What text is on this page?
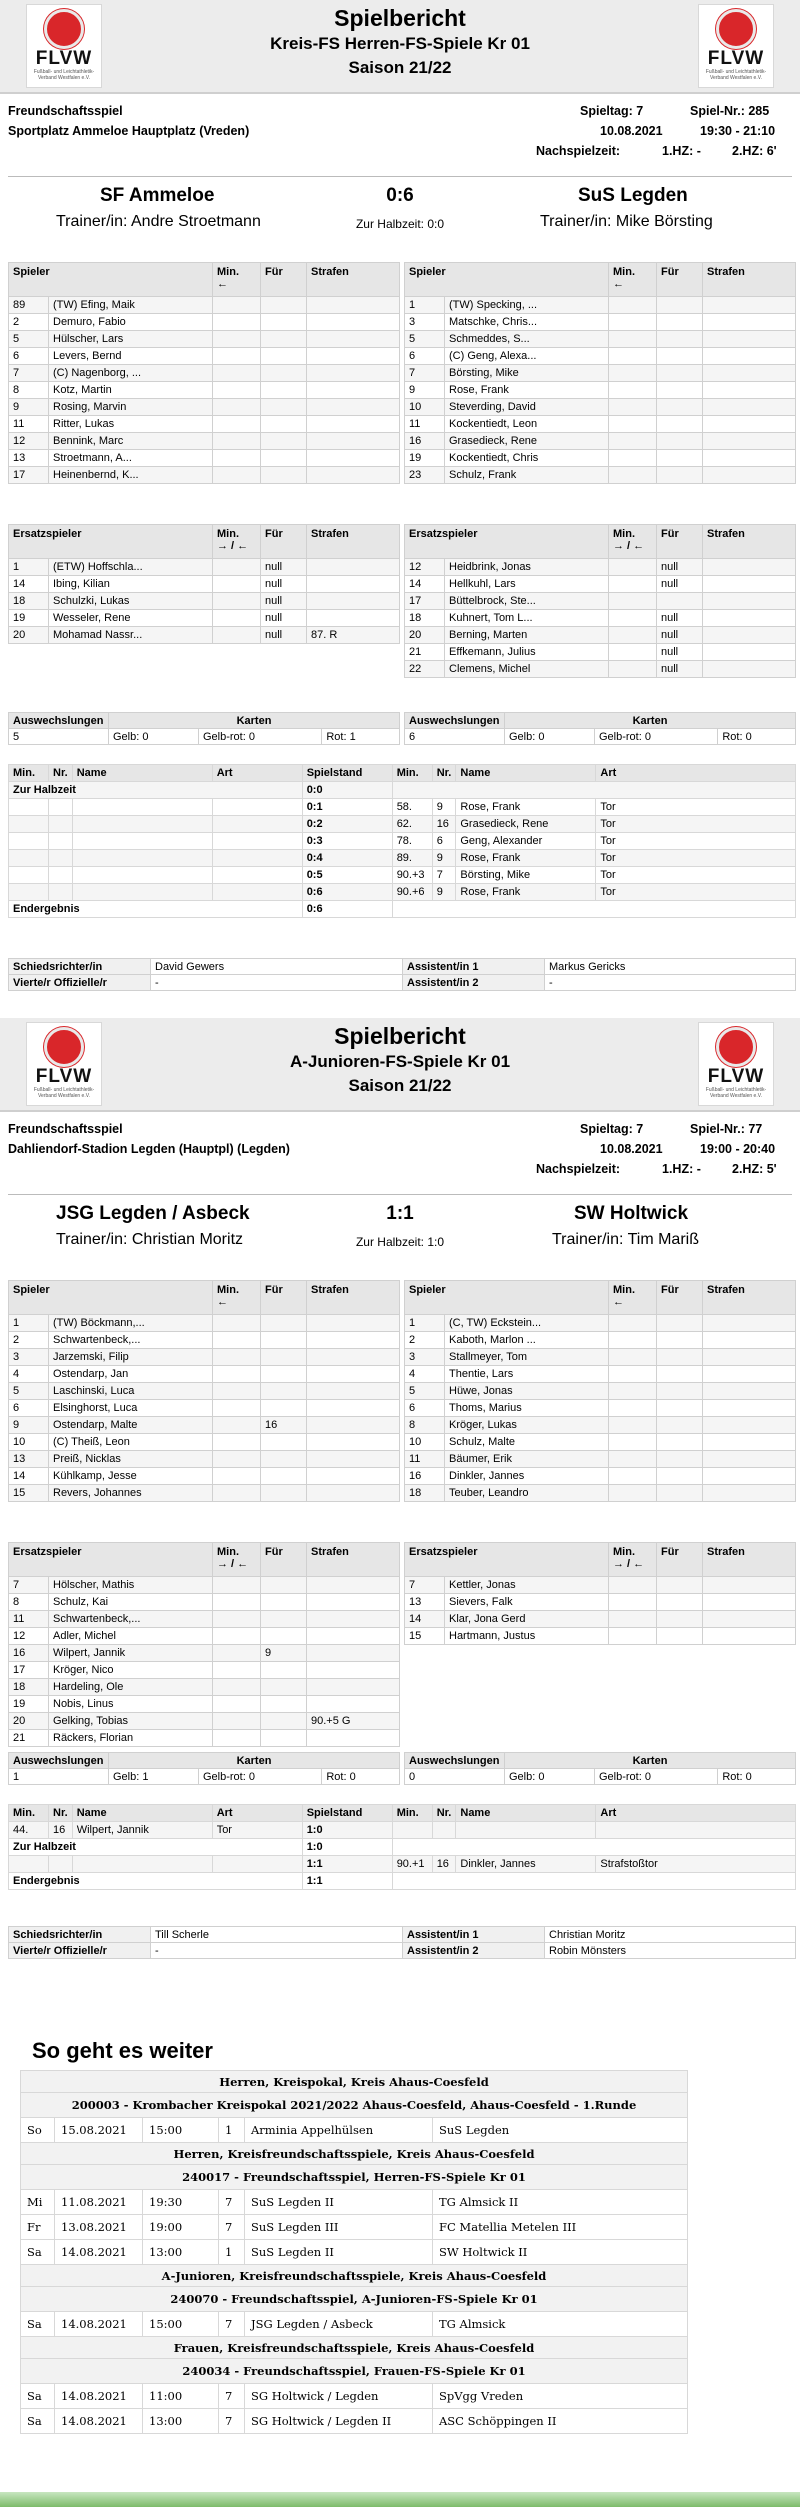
FLVW
Fußball- und Leichtathletik-Verband Westfalen e.V.
Spielbericht
Kreis-FS Herren-FS-Spiele Kr 01
Saison 21/22	FLVW
Fußball- und Leichtathletik-Verband Westfalen e.V.
Freundschaftsspiel
Sportplatz Ammeloe Hauptplatz (Vreden)
Spieltag: 7	Spiel-Nr.: 285
10.08.2021	19:30 - 21:10
Nachspielzeit:	1.HZ: - 2.HZ: 6'
SF Ammeloe	0:6	SuS Legden
Trainer/in: Andre Stroetmann	Zur Halbzeit: 0:0	Trainer/in: Mike Börsting
Spieler		Min.
←	Für	Strafen
89	(TW) Efing, Maik			
2	Demuro, Fabio			
5	Hülscher, Lars			
6	Levers, Bernd			
7	(C) Nagenborg, ...			
8	Kotz, Martin			
9	Rosing, Marvin			
11	Ritter, Lukas			
12	Bennink, Marc			
13	Stroetmann, A...			
17	Heinenbernd, K...			
Spieler		Min.
←	Für	Strafen
1	(TW) Specking, ...			
3	Matschke, Chris...			
5	Schmeddes, S...			
6	(C) Geng, Alexa...			
7	Börsting, Mike			
9	Rose, Frank			
10	Steverding, David			
11	Kockentiedt, Leon			
16	Grasedieck, Rene			
19	Kockentiedt, Chris			
23	Schulz, Frank			
Ersatzspieler		Min.
→ / ←	Für	Strafen
1	(ETW) Hoffschla...		null	
14	Ibing, Kilian		null	
18	Schulzki, Lukas		null	
19	Wesseler, Rene		null	
20	Mohamad Nassr...		null	87. R
Ersatzspieler		Min.
→ / ←	Für	Strafen
12	Heidbrink, Jonas		null	
14	Hellkuhl, Lars		null	
17	Büttelbrock, Ste...			
18	Kuhnert, Tom L...		null	
20	Berning, Marten		null	
21	Effkemann, Julius		null	
22	Clemens, Michel		null	
Auswechslungen	Karten		
5	Gelb: 0	Gelb-rot: 0	Rot: 1
Auswechslungen	Karten		
6	Gelb: 0	Gelb-rot: 0	Rot: 0
Min.	Nr.	Name	Art	Spielstand	Min.	Nr.	Name	Art
Zur Halbzeit				0:0				
				0:1	58.	9	Rose, Frank	Tor
				0:2	62.	16	Grasedieck, Rene	Tor
				0:3	78.	6	Geng, Alexander	Tor
				0:4	89.	9	Rose, Frank	Tor
				0:5	90.+3	7	Börsting, Mike	Tor
				0:6	90.+6	9	Rose, Frank	Tor
Endergebnis				0:6				
Schiedsrichter/in	David Gewers	Assistent/in 1	Markus Gericks
Vierte/r Offizielle/r	-	Assistent/in 2	-
FLVW
Fußball- und Leichtathletik-Verband Westfalen e.V.
Spielbericht
A-Junioren-FS-Spiele Kr 01
Saison 21/22	FLVW
Fußball- und Leichtathletik-Verband Westfalen e.V.
Freundschaftsspiel
Dahliendorf-Stadion Legden (Hauptpl) (Legden)
Spieltag: 7	Spiel-Nr.: 77
10.08.2021	19:00 - 20:40
Nachspielzeit:	1.HZ: - 2.HZ: 5'
JSG Legden / Asbeck	1:1	SW Holtwick
Trainer/in: Christian Moritz	Zur Halbzeit: 1:0	Trainer/in: Tim Mariß
Spieler		Min.
←	Für	Strafen
1	(TW) Böckmann,...			
2	Schwartenbeck,...			
3	Jarzemski, Filip			
4	Ostendarp, Jan			
5	Laschinski, Luca			
6	Elsinghorst, Luca			
9	Ostendarp, Malte		16	
10	(C) Theiß, Leon			
13	Preiß, Nicklas			
14	Kühlkamp, Jesse			
15	Revers, Johannes			
Spieler		Min.
←	Für	Strafen
1	(C, TW) Eckstein...			
2	Kaboth, Marlon ...			
3	Stallmeyer, Tom			
4	Thentie, Lars			
5	Hüwe, Jonas			
6	Thoms, Marius			
8	Kröger, Lukas			
10	Schulz, Malte			
11	Bäumer, Erik			
16	Dinkler, Jannes			
18	Teuber, Leandro			
Ersatzspieler		Min.
→ / ←	Für	Strafen
7	Hölscher, Mathis			
8	Schulz, Kai			
11	Schwartenbeck,...			
12	Adler, Michel			
16	Wilpert, Jannik		9	
17	Kröger, Nico			
18	Hardeling, Ole			
19	Nobis, Linus			
20	Gelking, Tobias			90.+5 G
21	Räckers, Florian			
Ersatzspieler		Min.
→ / ←	Für	Strafen
7	Kettler, Jonas			
13	Sievers, Falk			
14	Klar, Jona Gerd			
15	Hartmann, Justus			
Auswechslungen	Karten		
1	Gelb: 1	Gelb-rot: 0	Rot: 0
Auswechslungen	Karten		
0	Gelb: 0	Gelb-rot: 0	Rot: 0
Min.	Nr.	Name	Art	Spielstand	Min.	Nr.	Name	Art
44.	16	Wilpert, Jannik	Tor	1:0				
Zur Halbzeit				1:0				
				1:1	90.+1	16	Dinkler, Jannes	Strafstoßtor
Endergebnis				1:1				
Schiedsrichter/in	Till Scherle	Assistent/in 1	Christian Moritz
Vierte/r Offizielle/r	-	Assistent/in 2	Robin Mönsters
So geht es weiter
Herren, Kreispokal, Kreis Ahaus-Coesfeld					
200003 - Krombacher Kreispokal 2021/2022 Ahaus-Coesfeld, Ahaus-Coesfeld - 1.Runde					
So	15.08.2021	15:00	1	Arminia Appelhülsen	SuS Legden
Herren, Kreisfreundschaftsspiele, Kreis Ahaus-Coesfeld					
240017 - Freundschaftsspiel, Herren-FS-Spiele Kr 01					
Mi	11.08.2021	19:30	7	SuS Legden II	TG Almsick II
Fr	13.08.2021	19:00	7	SuS Legden III	FC Matellia Metelen III
Sa	14.08.2021	13:00	1	SuS Legden II	SW Holtwick II
A-Junioren, Kreisfreundschaftsspiele, Kreis Ahaus-Coesfeld					
240070 - Freundschaftsspiel, A-Junioren-FS-Spiele Kr 01					
Sa	14.08.2021	15:00	7	JSG Legden / Asbeck	TG Almsick
Frauen, Kreisfreundschaftsspiele, Kreis Ahaus-Coesfeld					
240034 - Freundschaftsspiel, Frauen-FS-Spiele Kr 01					
Sa	14.08.2021	11:00	7	SG Holtwick / Legden	SpVgg Vreden
Sa	14.08.2021	13:00	7	SG Holtwick / Legden II	ASC Schöppingen II
